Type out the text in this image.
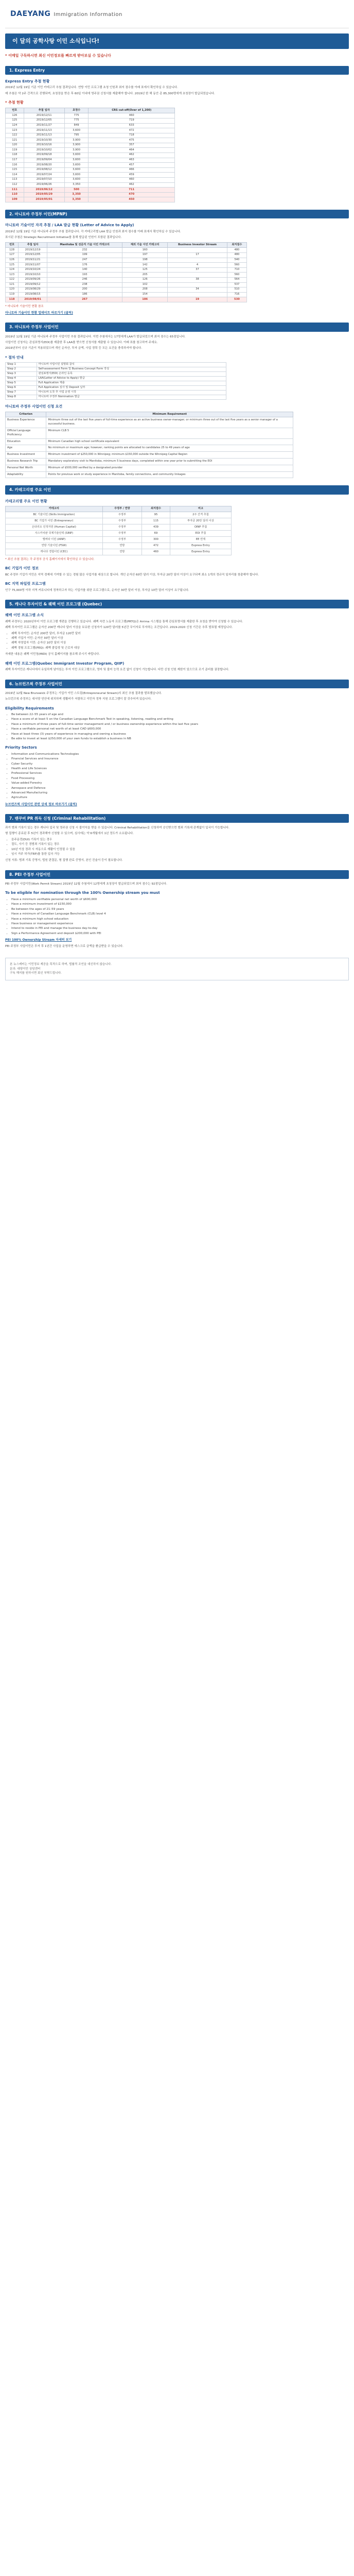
DAEYANG Immigration Information
이 달의 공학사탕 이민 소식입니다!
* 이메일 구독하시면 최신 이민정보를 빠르게 받아보실 수 있습니다
1. Express Entry
Express Entry 추첨 현황

2019년 12월 19일 기준 이민 카테고리 추첨 결과입니다. 연방 이민 프로그램 초청 인원과 최저 점수를 아래 표에서 확인하실 수 있습니다.

매 추첨은 약 2주 간격으로 진행되며, 초청장을 받은 후 60일 이내에 영주권 신청서를 제출해야 합니다. 2019년 한 해 동안 총 85,300명에게 초청장이 발급되었습니다.

* 추첨 현황
번호	추첨 일자	초청수	CRS cut-off(Over of 1,200)
126	2019/12/11	775	460
125	2019/12/05	775	719
124	2019/11/27	849	633
123	2019/11/13	3,600	472
122	2019/11/13	795	718
121	2019/10/30	3,900	475
120	2019/10/16	3,900	357
119	2019/10/02	3,900	464
118	2019/09/18	3,600	462
117	2019/09/04	3,600	463
116	2019/08/20	3,600	457
115	2019/08/12	3,600	466
114	2019/07/24	3,600	459
113	2019/07/10	3,600	460
112	2019/06/26	3,350	462
111	2019/06/12	500	711
110	2019/05/29	3,350	470
109	2019/05/01	3,350	450
2. 마니토바 주정부 이민(MPNP)
마니토바 기술이민 자격 추첨 / LAA 발급 현황 (Letter of Advice to Apply)

2019년 12월 19일 기준 마니토바 주정부 추첨 결과입니다. 각 카테고리별 LAA 발급 인원과 최저 점수를 아래 표에서 확인하실 수 있습니다.

표시된 추첨은 Strategic Recruitment Initiative를 통해 발급된 인원이 포함된 결과입니다.

번호	추첨 일자	Manitoba 및 전문직 기술 이민 카테고리	해외 기술 이민 카테고리	Business Investor Stream	최저점수
128	2019/12/19	232	160		480
127	2019/12/05	199	197	17	480
126	2019/11/21	247	198		540
125	2019/11/07	176	142	4	560
124	2019/10/24	140	125	37	710
123	2019/10/10	193	205		560
122	2019/09/26	246	126	38	564
121	2019/09/12	238	102		537
120	2019/08/29	200	208	34	510
119	2019/08/15	186	154		716
118	2019/08/01	267	186	19	530

* 마니토바 기술이민 현황 참조

마니토바 기술이민 현황 업데이트 바로가기 (클릭)
3. 마니토바 주정부 사업이민

2019년 12월 19일 기준 마니토바 주정부 사업이민 추첨 결과입니다. 이번 추첨에서는 17명에게 LAA가 발급되었으며 최저 점수는 65점입니다.

사업이민 신청자는 관심표명서(EOI)를 제출한 후 LAA를 받으면 신청서를 제출할 수 있습니다. 아래 표를 참고하여 주세요.

2019년부터 신규 기준이 적용되었으며 개인 순자산, 투자 금액, 사업 경력 등 모든 요건을 충족하셔야 합니다.

* 절차 안내
Step 1	마니토바 사업이민 설명회 참석
Step 2	Self-assessment Form 및 Business Concept Form 작성
Step 3	관심표명서(EOI) 온라인 등록
Step 4	LAA(Letter of Advice to Apply) 발급
Step 5	Full Application 제출
Step 6	Full Application 심사 및 Deposit 납부
Step 7	마니토바 도착 후 사업 운영 시작
Step 8	마니토바 주정부 Nomination 발급
마니토바 주정부 사업이민 신청 요건
Criterion	Minimum Requirement
Business Experience	Minimum three out of the last five years of full-time experience as an active business owner-manager; or minimum three out of the last five years as a senior manager of a successful business.
Official Language Proficiency	Minimum CLB 5
Education	Minimum Canadian high school certificate equivalent
Age	No minimum or maximum age; however, ranking points are allocated to candidates 25 to 49 years of age
Business Investment	Minimum investment of $250,000 in Winnipeg; minimum $150,000 outside the Winnipeg Capital Region
Business Research Trip	Mandatory exploratory visit to Manitoba, minimum 5 business days, completed within one year prior to submitting the EOI
Personal Net Worth	Minimum of $500,000 verified by a designated provider
Adaptability	Points for previous work or study experience in Manitoba, family connections, and community linkages
4. 카테고리별 주요 이민
카테고리별 주요 이민 현황
카테고리	주정부 / 연방	최저점수	비고
BC 기술이민 (Skills Immigration)	주정부	95	2주 간격 추첨
BC 기업가 이민 (Entrepreneur)	주정부	115	투자금 20만 달러 이상
온타리오 인적자원 (Human Capital)	주정부	439	OINP 추첨
사스카치완 국제기술인력 (SINP)	주정부	69	EOI 추첨
앨버타 이민 (AINP)	주정부	300	EE 연계
연방 기술이민 (FSW)	연방	472	Express Entry
캐나다 경험이민 (CEC)	연방	460	Express Entry

* 최신 추첨 결과는 각 주정부 공식 홈페이지에서 확인하실 수 있습니다.

BC 기업가 이민 정보

BC 주정부 기업가 이민은 지역 경제에 기여할 수 있는 경험 많은 사업가를 대상으로 합니다. 개인 순자산 60만 달러 이상, 투자금 20만 달러 이상이 요구되며 최소 1개의 정규직 일자리를 창출해야 합니다.

BC 지역 파일럿 프로그램

인구 75,000명 이하 지역 커뮤니티에 정착하고자 하는 기업가를 위한 프로그램으로, 순자산 30만 달러 이상, 투자금 10만 달러 이상이 요구됩니다.

5. 캐나다 투자이민 & 퀘벡 이민 프로그램 (Quebec)
퀘벡 이민 프로그램 소식

퀘벡 주정부는 2020년부터 이민 프로그램 개편을 진행하고 있습니다. 퀘벡 숙련 노동자 프로그램(PRTQ)은 Arrima 시스템을 통해 관심표명서를 제출한 후 초청을 받아야 신청할 수 있습니다.

퀘벡 투자이민 프로그램은 순자산 200만 캐나다 달러 이상을 보유한 신청자가 120만 달러를 5년간 무이자로 투자하는 조건입니다. 2019-2020 신청 기간은 추후 발표될 예정입니다.

• 퀘벡 투자이민: 순자산 200만 달러, 투자금 120만 달러
• 퀘벡 기업가 이민: 순자산 30만 달러 이상
• 퀘벡 자영업자 이민: 순자산 10만 달러 이상
• 퀘벡 경험 프로그램(PEQ): 퀘벡 졸업생 및 근로자 대상

자세한 내용은 퀘벡 이민청(MIDI) 공식 홈페이지를 참조해 주시기 바랍니다.

퀘벡 이민 프로그램(Quebec Immigrant Investor Program, QIIP)

퀘벡 투자이민은 캐나다에서 유일하게 남아있는 투자 이민 프로그램으로, 영어 및 불어 능력 요건 없이 신청이 가능합니다. 다만 신청 인원 제한이 있으므로 조기 준비를 권장합니다.

6. 뉴브런즈윅 주정부 사업이민

2019년 12월 New Brunswick 주정부는 기업가 이민 스트림(Entrepreneurial Stream)의 최신 추첨 결과를 발표했습니다.

뉴브런즈윅 주정부는 대서양 연안에 위치하며 생활비가 저렴하고 이민자 정착 지원 프로그램이 잘 갖추어져 있습니다.

Eligibility Requirements
• Be between 22–55 years of age and
• Have a score of at least 5 on the Canadian Language Benchmark Test in speaking, listening, reading and writing
• Have a minimum of three years of full-time senior management and / or business ownership experience within the last five years
• Have a verifiable personal net worth of at least CAD $600,000
• Have at least three (3) years of experience in managing and owning a business
• Be able to invest at least $250,000 of your own funds to establish a business in NB
Priority Sectors
• Information and Communications Technologies
• Financial Services and Insurance
• Cyber Security
• Health and Life Sciences
• Professional Services
• Food Processing
• Value-added Forestry
• Aerospace and Defence
• Advanced Manufacturing
• Agriculture
뉴브런즈윅 사업이민 관련 상세 정보 바로가기 (클릭)
7. 밴쿠버 PR 취득 신청 (Criminal Rehabilitation)

과거 범죄 기록이 있는 경우 캐나다 입국 및 영주권 신청 시 불이익을 받을 수 있습니다. Criminal Rehabilitation을 신청하여 승인받으면 범죄 기록에 관계없이 입국이 가능합니다.

형 집행이 종료된 후 5년이 경과해야 신청할 수 있으며, 심사에는 약 6개월에서 1년 정도가 소요됩니다.

• 음주운전(DUI) 기록이 있는 경우
• 절도, 사기 등 경범죄 기록이 있는 경우
• 10년 이상 경과 시 자동으로 재활이 인정될 수 있음
• 임시 거주 허가(TRP)를 통한 입국 가능

신청 서류: 범죄 기록 증명서, 법원 판결문, 형 집행 완료 증명서, 본인 진술서 등이 필요합니다.

8. PEI 주정부 사업이민

PEI 주정부 사업이민(Work Permit Stream) 2019년 12월 추첨에서 12명에게 초청장이 발급되었으며 최저 점수는 92점입니다.

To be eligible for nomination through the 100% Ownership stream you must
• Have a minimum verifiable personal net worth of $600,000
• Have a minimum investment of $150,000
• Be between the ages of 21–59 years
• Have a minimum of Canadian Language Benchmark (CLB) level 4
• Have a minimum high school education
• Have business or management experience
• Intend to reside in PEI and manage the business day-to-day
• Sign a Performance Agreement and deposit $200,000 with PEI
PEI 100% Ownership Stream 자세히 보기

PEI 주정부 사업이민은 투자 후 1년간 사업을 운영하면 에스크로 금액을 환급받을 수 있습니다.

본 뉴스레터는 이민정보 제공을 목적으로 하며, 법률적 조언을 대신하지 않습니다.

문의: 대양이민 상담센터

구독 해지를 원하시면 회신 부탁드립니다.
